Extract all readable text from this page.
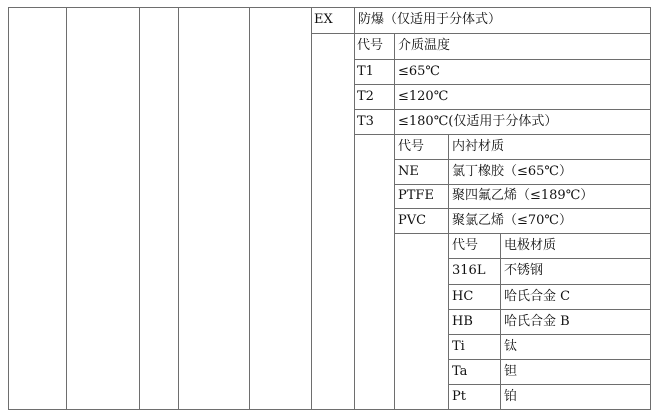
EX 防爆（仅适用于分体式）
代号 介质温度
T1 ≤65℃
T2 ≤120℃
T3 ≤180℃(仅适用于分体式）
代号 内衬材质
NE	氯丁橡胶（≤65℃）
PTFE 聚四氟乙烯（≤189℃）
PVC 聚氯乙烯（≤70℃）
代号 电极材质
316L 不锈钢
HC 哈氏合金 C
HB 哈氏合金 B
Ti	钛
Ta	钽
Pt	铂
